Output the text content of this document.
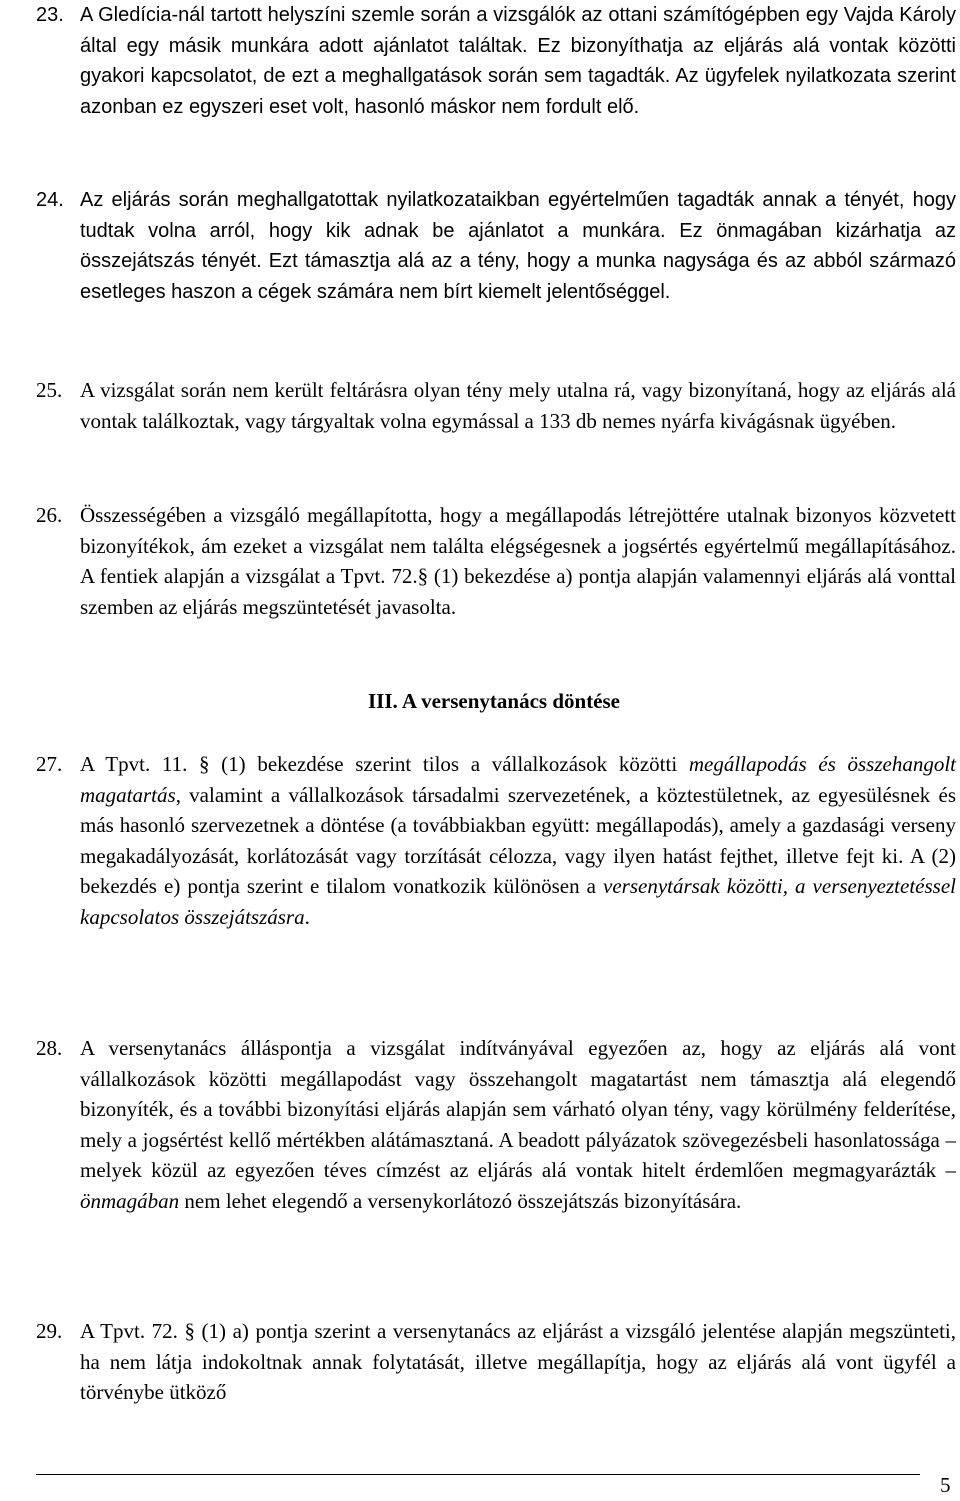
23. A Gledícia-nál tartott helyszíni szemle során a vizsgálók az ottani számítógépben egy Vajda Károly által egy másik munkára adott ajánlatot találtak. Ez bizonyíthatja az eljárás alá vontak közötti gyakori kapcsolatot, de ezt a meghallgatások során sem tagadták. Az ügyfelek nyilatkozata szerint azonban ez egyszeri eset volt, hasonló máskor nem fordult elő.
24. Az eljárás során meghallgatottak nyilatkozataikban egyértelműen tagadták annak a tényét, hogy tudtak volna arról, hogy kik adnak be ajánlatot a munkára. Ez önmagában kizárhatja az összejátszás tényét. Ezt támasztja alá az a tény, hogy a munka nagysága és az abból származó esetleges haszon a cégek számára nem bírt kiemelt jelentőséggel.
25. A vizsgálat során nem került feltárásra olyan tény mely utalna rá, vagy bizonyítaná, hogy az eljárás alá vontak találkoztak, vagy tárgyaltak volna egymással a 133 db nemes nyárfa kivágásnak ügyében.
26. Összességében a vizsgáló megállapította, hogy a megállapodás létrejöttére utalnak bizonyos közvetett bizonyítékok, ám ezeket a vizsgálat nem találta elégségesnek a jogsértés egyértelmű megállapításához. A fentiek alapján a vizsgálat a Tpvt. 72.§ (1) bekezdése a) pontja alapján valamennyi eljárás alá vonttal szemben az eljárás megszüntetését javasolta.
III. A versenytanács döntése
27. A Tpvt. 11. § (1) bekezdése szerint tilos a vállalkozások közötti megállapodás és összehangolt magatartás, valamint a vállalkozások társadalmi szervezetének, a köztestületnek, az egyesülésnek és más hasonló szervezetnek a döntése (a továbbiakban együtt: megállapodás), amely a gazdasági verseny megakadályozását, korlátozását vagy torzítását célozza, vagy ilyen hatást fejthet, illetve fejt ki. A (2) bekezdés e) pontja szerint e tilalom vonatkozik különösen a versenytársak közötti, a versenyeztetéssel kapcsolatos összejátszásra.
28. A versenytanács álláspontja a vizsgálat indítványával egyezően az, hogy az eljárás alá vont vállalkozások közötti megállapodást vagy összehangolt magatartást nem támasztja alá elegendő bizonyíték, és a további bizonyítási eljárás alapján sem várható olyan tény, vagy körülmény felderítése, mely a jogsértést kellő mértékben alátámasztaná. A beadott pályázatok szövegezésbeli hasonlatossága – melyek közül az egyezően téves címzést az eljárás alá vontak hitelt érdemlően megmagyarázták – önmagában nem lehet elegendő a versenykorlátozó összejátszás bizonyítására.
29. A Tpvt. 72. § (1) a) pontja szerint a versenytanács az eljárást a vizsgáló jelentése alapján megszünteti, ha nem látja indokoltnak annak folytatását, illetve megállapítja, hogy az eljárás alá vont ügyfél a törvénybe ütköző
5
